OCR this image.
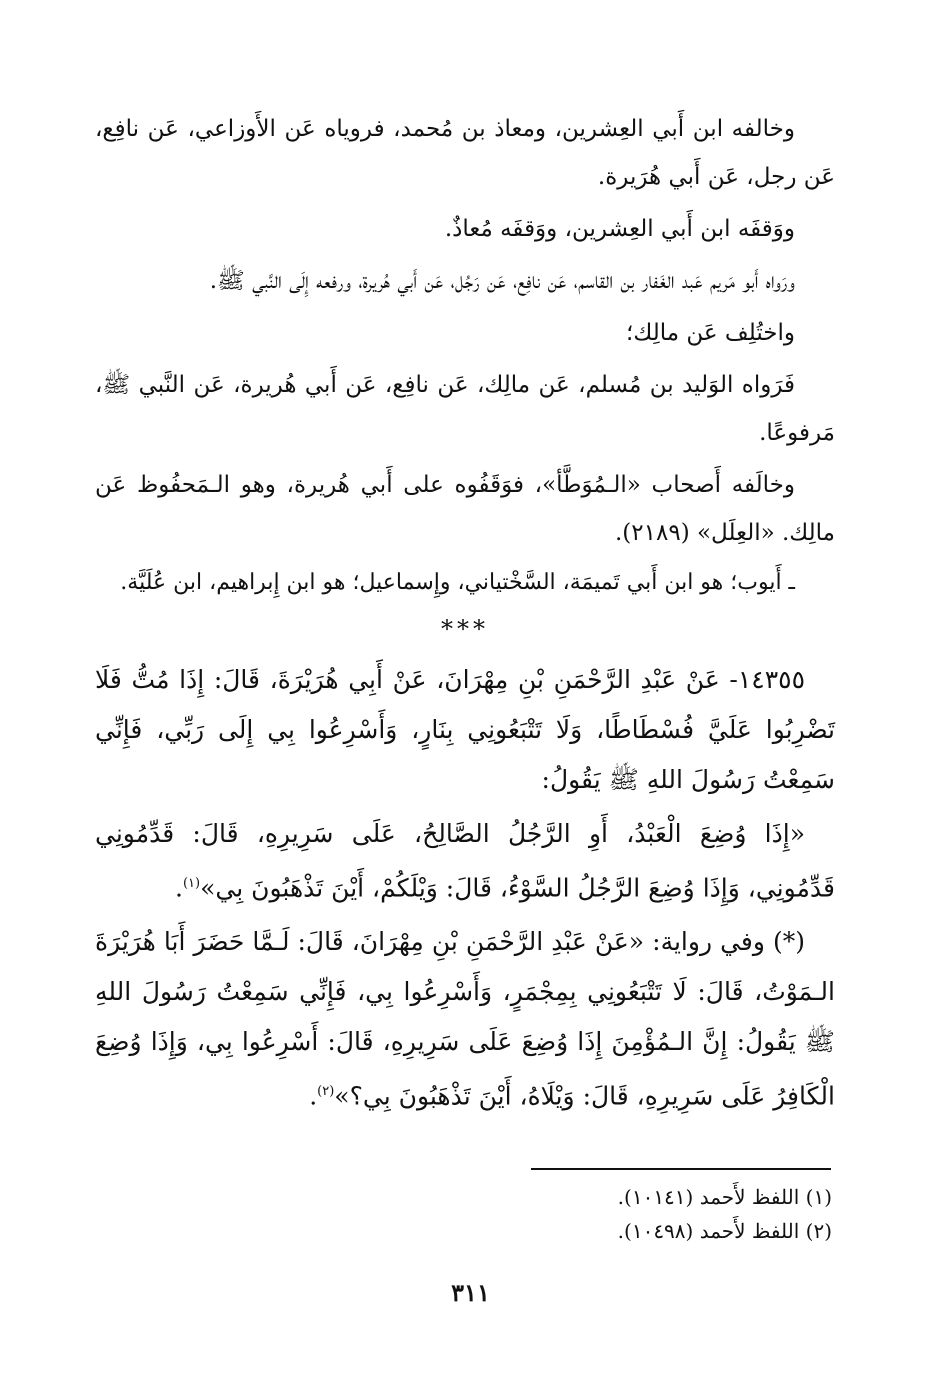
وخالفه ابن أَبي العِشرين، ومعاذ بن مُحمد، فروياه عَن الأَوزاعي، عَن نافِع، عَن رجل، عَن أَبي هُرَيرة.

ووَقفَه ابن أَبي العِشرين، ووَقفَه مُعاذٌ.

ورَواه أَبو مَريم عَبد الغَفار بن القاسم، عَن نافِع، عَن رَجُل، عَن أَبي هُريرة، ورفعه إِلَى النَّبي ﷺ.

واختُلِف عَن مالِك؛

فَرَواه الوَليد بن مُسلم، عَن مالِك، عَن نافِع، عَن أَبي هُريرة، عَن النَّبي ﷺ، مَرفوعًا.

وخالَفه أَصحاب «الـمُوَطَّأ»، فوَقَفُوه على أَبي هُريرة، وهو الـمَحفُوظ عَن مالِك. «العِلَل» (٢١٨٩).

ـ أَيوب؛ هو ابن أَبي تَميمَة، السَّخْتياني، وإِسماعيل؛ هو ابن إِبراهيم، ابن عُلَيَّة.

***

١٤٣٥٥- عَنْ عَبْدِ الرَّحْمَنِ بْنِ مِهْرَانَ، عَنْ أَبِي هُرَيْرَةَ، قَالَ: إِذَا مُتُّ فَلَا تَضْرِبُوا عَلَيَّ فُسْطَاطًا، وَلَا تَتْبَعُونِي بِنَارٍ، وَأَسْرِعُوا بِي إِلَى رَبِّي، فَإِنِّي سَمِعْتُ رَسُولَ اللهِ ﷺ يَقُولُ:

«إِذَا وُضِعَ الْعَبْدُ، أَوِ الرَّجُلُ الصَّالِحُ، عَلَى سَرِيرِهِ، قَالَ: قَدِّمُونِي قَدِّمُونِي، وَإِذَا وُضِعَ الرَّجُلُ السَّوْءُ، قَالَ: وَيْلَكُمْ، أَيْنَ تَذْهَبُونَ بِي»$^{(١)}$.

(*) وفي رواية: «عَنْ عَبْدِ الرَّحْمَنِ بْنِ مِهْرَانَ، قَالَ: لَـمَّا حَضَرَ أَبَا هُرَيْرَةَ الـمَوْتُ، قَالَ: لَا تَتْبَعُونِي بِمِجْمَرٍ، وَأَسْرِعُوا بِي، فَإِنِّي سَمِعْتُ رَسُولَ اللهِ ﷺ يَقُولُ: إِنَّ الـمُؤْمِنَ إِذَا وُضِعَ عَلَى سَرِيرِهِ، قَالَ: أَسْرِعُوا بِي، وَإِذَا وُضِعَ الْكَافِرُ عَلَى سَرِيرِهِ، قَالَ: وَيْلَاهُ، أَيْنَ تَذْهَبُونَ بِي؟»$^{(٢)}$.

(١) اللفظ لأَحمد (١٠١٤١).

(٢) اللفظ لأَحمد (١٠٤٩٨).

٣١١
